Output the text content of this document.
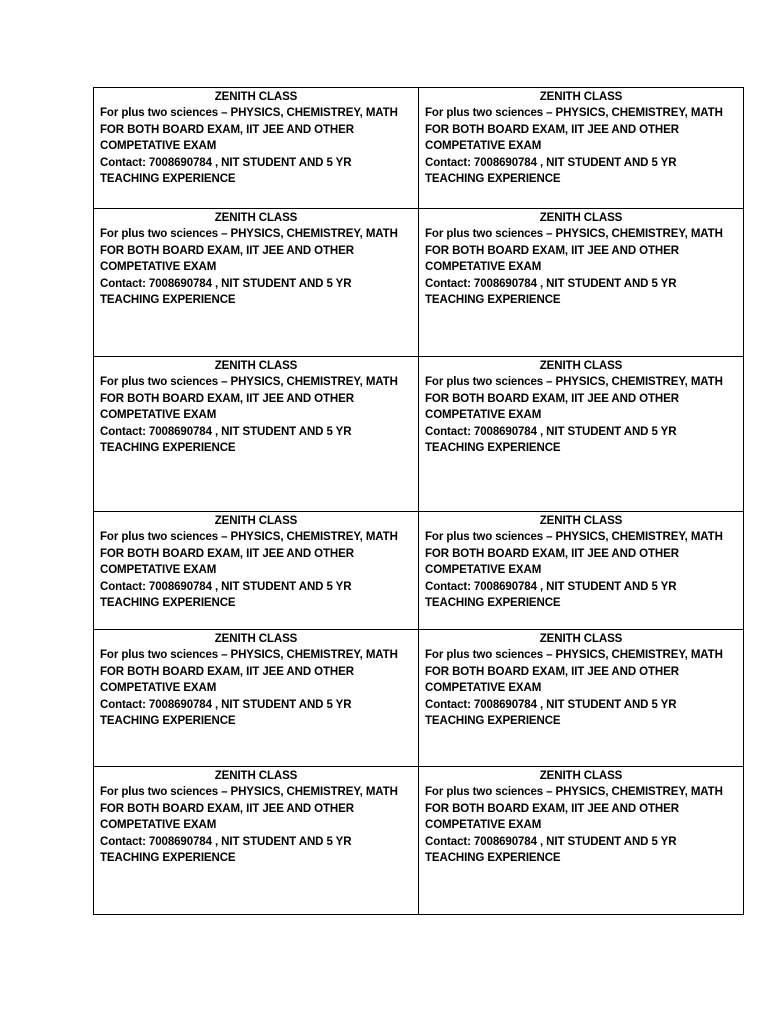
ZENITH CLASS
For plus two sciences – PHYSICS, CHEMISTREY, MATH
FOR BOTH BOARD EXAM, IIT JEE AND OTHER
COMPETATIVE EXAM
Contact: 7008690784 , NIT STUDENT AND 5 YR
TEACHING EXPERIENCE
ZENITH CLASS
For plus two sciences – PHYSICS, CHEMISTREY, MATH
FOR BOTH BOARD EXAM, IIT JEE AND OTHER
COMPETATIVE EXAM
Contact: 7008690784 , NIT STUDENT AND 5 YR
TEACHING EXPERIENCE
ZENITH CLASS
For plus two sciences – PHYSICS, CHEMISTREY, MATH
FOR BOTH BOARD EXAM, IIT JEE AND OTHER
COMPETATIVE EXAM
Contact: 7008690784 , NIT STUDENT AND 5 YR
TEACHING EXPERIENCE
ZENITH CLASS
For plus two sciences – PHYSICS, CHEMISTREY, MATH
FOR BOTH BOARD EXAM, IIT JEE AND OTHER
COMPETATIVE EXAM
Contact: 7008690784 , NIT STUDENT AND 5 YR
TEACHING EXPERIENCE
ZENITH CLASS
For plus two sciences – PHYSICS, CHEMISTREY, MATH
FOR BOTH BOARD EXAM, IIT JEE AND OTHER
COMPETATIVE EXAM
Contact: 7008690784 , NIT STUDENT AND 5 YR
TEACHING EXPERIENCE
ZENITH CLASS
For plus two sciences – PHYSICS, CHEMISTREY, MATH
FOR BOTH BOARD EXAM, IIT JEE AND OTHER
COMPETATIVE EXAM
Contact: 7008690784 , NIT STUDENT AND 5 YR
TEACHING EXPERIENCE
ZENITH CLASS
For plus two sciences – PHYSICS, CHEMISTREY, MATH
FOR BOTH BOARD EXAM, IIT JEE AND OTHER
COMPETATIVE EXAM
Contact: 7008690784 , NIT STUDENT AND 5 YR
TEACHING EXPERIENCE
ZENITH CLASS
For plus two sciences – PHYSICS, CHEMISTREY, MATH
FOR BOTH BOARD EXAM, IIT JEE AND OTHER
COMPETATIVE EXAM
Contact: 7008690784 , NIT STUDENT AND 5 YR
TEACHING EXPERIENCE
ZENITH CLASS
For plus two sciences – PHYSICS, CHEMISTREY, MATH
FOR BOTH BOARD EXAM, IIT JEE AND OTHER
COMPETATIVE EXAM
Contact: 7008690784 , NIT STUDENT AND 5 YR
TEACHING EXPERIENCE
ZENITH CLASS
For plus two sciences – PHYSICS, CHEMISTREY, MATH
FOR BOTH BOARD EXAM, IIT JEE AND OTHER
COMPETATIVE EXAM
Contact: 7008690784 , NIT STUDENT AND 5 YR
TEACHING EXPERIENCE
ZENITH CLASS
For plus two sciences – PHYSICS, CHEMISTREY, MATH
FOR BOTH BOARD EXAM, IIT JEE AND OTHER
COMPETATIVE EXAM
Contact: 7008690784 , NIT STUDENT AND 5 YR
TEACHING EXPERIENCE
ZENITH CLASS
For plus two sciences – PHYSICS, CHEMISTREY, MATH
FOR BOTH BOARD EXAM, IIT JEE AND OTHER
COMPETATIVE EXAM
Contact: 7008690784 , NIT STUDENT AND 5 YR
TEACHING EXPERIENCE
